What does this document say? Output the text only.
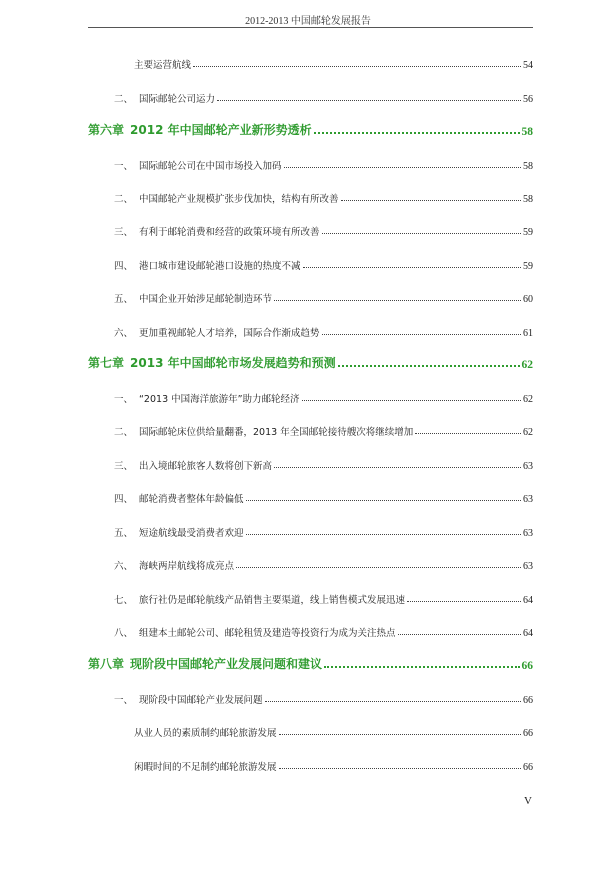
2012-2013 中国邮轮发展报告
主要运营航线	54
二、 国际邮轮公司运力	56
第六章 2012 年中国邮轮产业新形势透析	58
一、 国际邮轮公司在中国市场投入加码	58
二、 中国邮轮产业规模扩张步伐加快，结构有所改善	58
三、 有利于邮轮消费和经营的政策环境有所改善	59
四、 港口城市建设邮轮港口设施的热度不减	59
五、 中国企业开始涉足邮轮制造环节	60
六、 更加重视邮轮人才培养，国际合作渐成趋势	61
第七章 2013 年中国邮轮市场发展趋势和预测	62
一、 “2013 中国海洋旅游年”助力邮轮经济	62
二、 国际邮轮床位供给量翻番，2013 年全国邮轮接待艘次将继续增加	62
三、 出入境邮轮旅客人数将创下新高	63
四、 邮轮消费者整体年龄偏低	63
五、 短途航线最受消费者欢迎	63
六、 海峡两岸航线将成亮点	63
七、 旅行社仍是邮轮航线产品销售主要渠道，线上销售模式发展迅速	64
八、 组建本土邮轮公司、邮轮租赁及建造等投资行为成为关注热点	64
第八章 现阶段中国邮轮产业发展问题和建议	66
一、 现阶段中国邮轮产业发展问题	66
从业人员的素质制约邮轮旅游发展	66
闲暇时间的不足制约邮轮旅游发展	66
V
